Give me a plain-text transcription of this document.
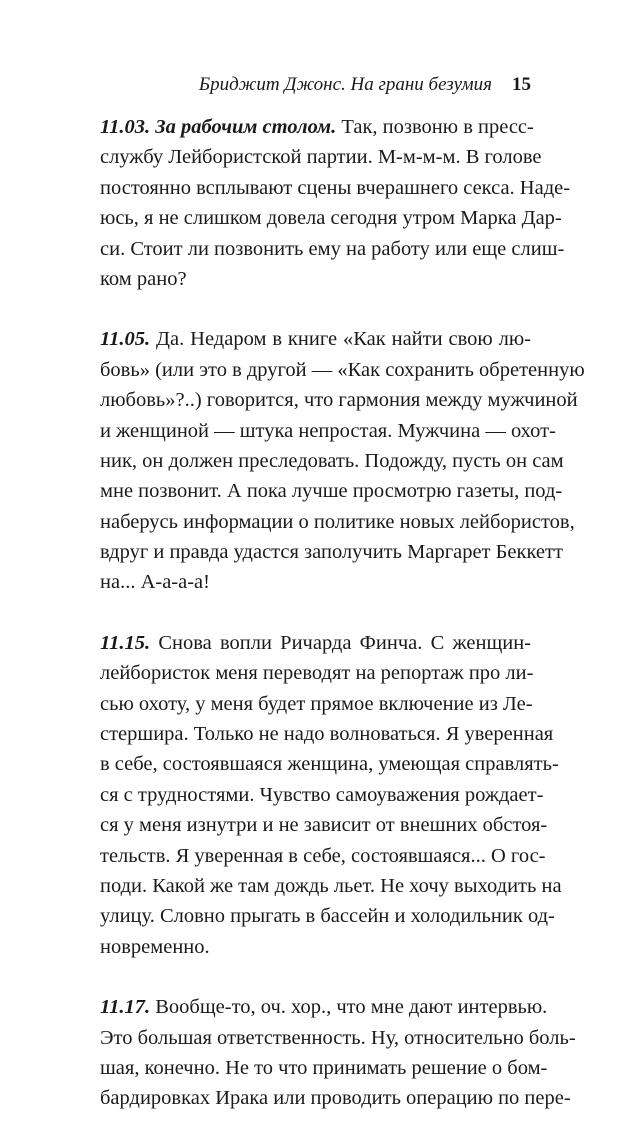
Бриджит Джонс. На грани безумия 15
11.03. За рабочим столом. Так, позвоню в пресс-
службу Лейбористской партии. М-м-м-м. В голове
постоянно всплывают сцены вчерашнего секса. Наде-
юсь, я не слишком довела сегодня утром Марка Дар-
си. Стоит ли позвонить ему на работу или еще слиш-
ком рано?
11.05. Да. Недаром в книге «Как найти свою лю-
бовь» (или это в другой — «Как сохранить обретенную
любовь»?..) говорится, что гармония между мужчиной
и женщиной — штука непростая. Мужчина — охот-
ник, он должен преследовать. Подожду, пусть он сам
мне позвонит. А пока лучше просмотрю газеты, под-
наберусь информации о политике новых лейбористов,
вдруг и правда удастся заполучить Маргарет Беккетт
на... А-а-а-а!
11.15. Снова вопли Ричарда Финча. С женщин-
лейбористок меня переводят на репортаж про ли-
сью охоту, у меня будет прямое включение из Ле-
стершира. Только не надо волноваться. Я уверенная
в себе, состоявшаяся женщина, умеющая справлять-
ся с трудностями. Чувство самоуважения рождает-
ся у меня изнутри и не зависит от внешних обстоя-
тельств. Я уверенная в себе, состоявшаяся... О гос-
поди. Какой же там дождь льет. Не хочу выходить на
улицу. Словно прыгать в бассейн и холодильник од-
новременно.
11.17. Вообще-то, оч. хор., что мне дают интервью.
Это большая ответственность. Ну, относительно боль-
шая, конечно. Не то что принимать решение о бом-
бардировках Ирака или проводить операцию по пере-
